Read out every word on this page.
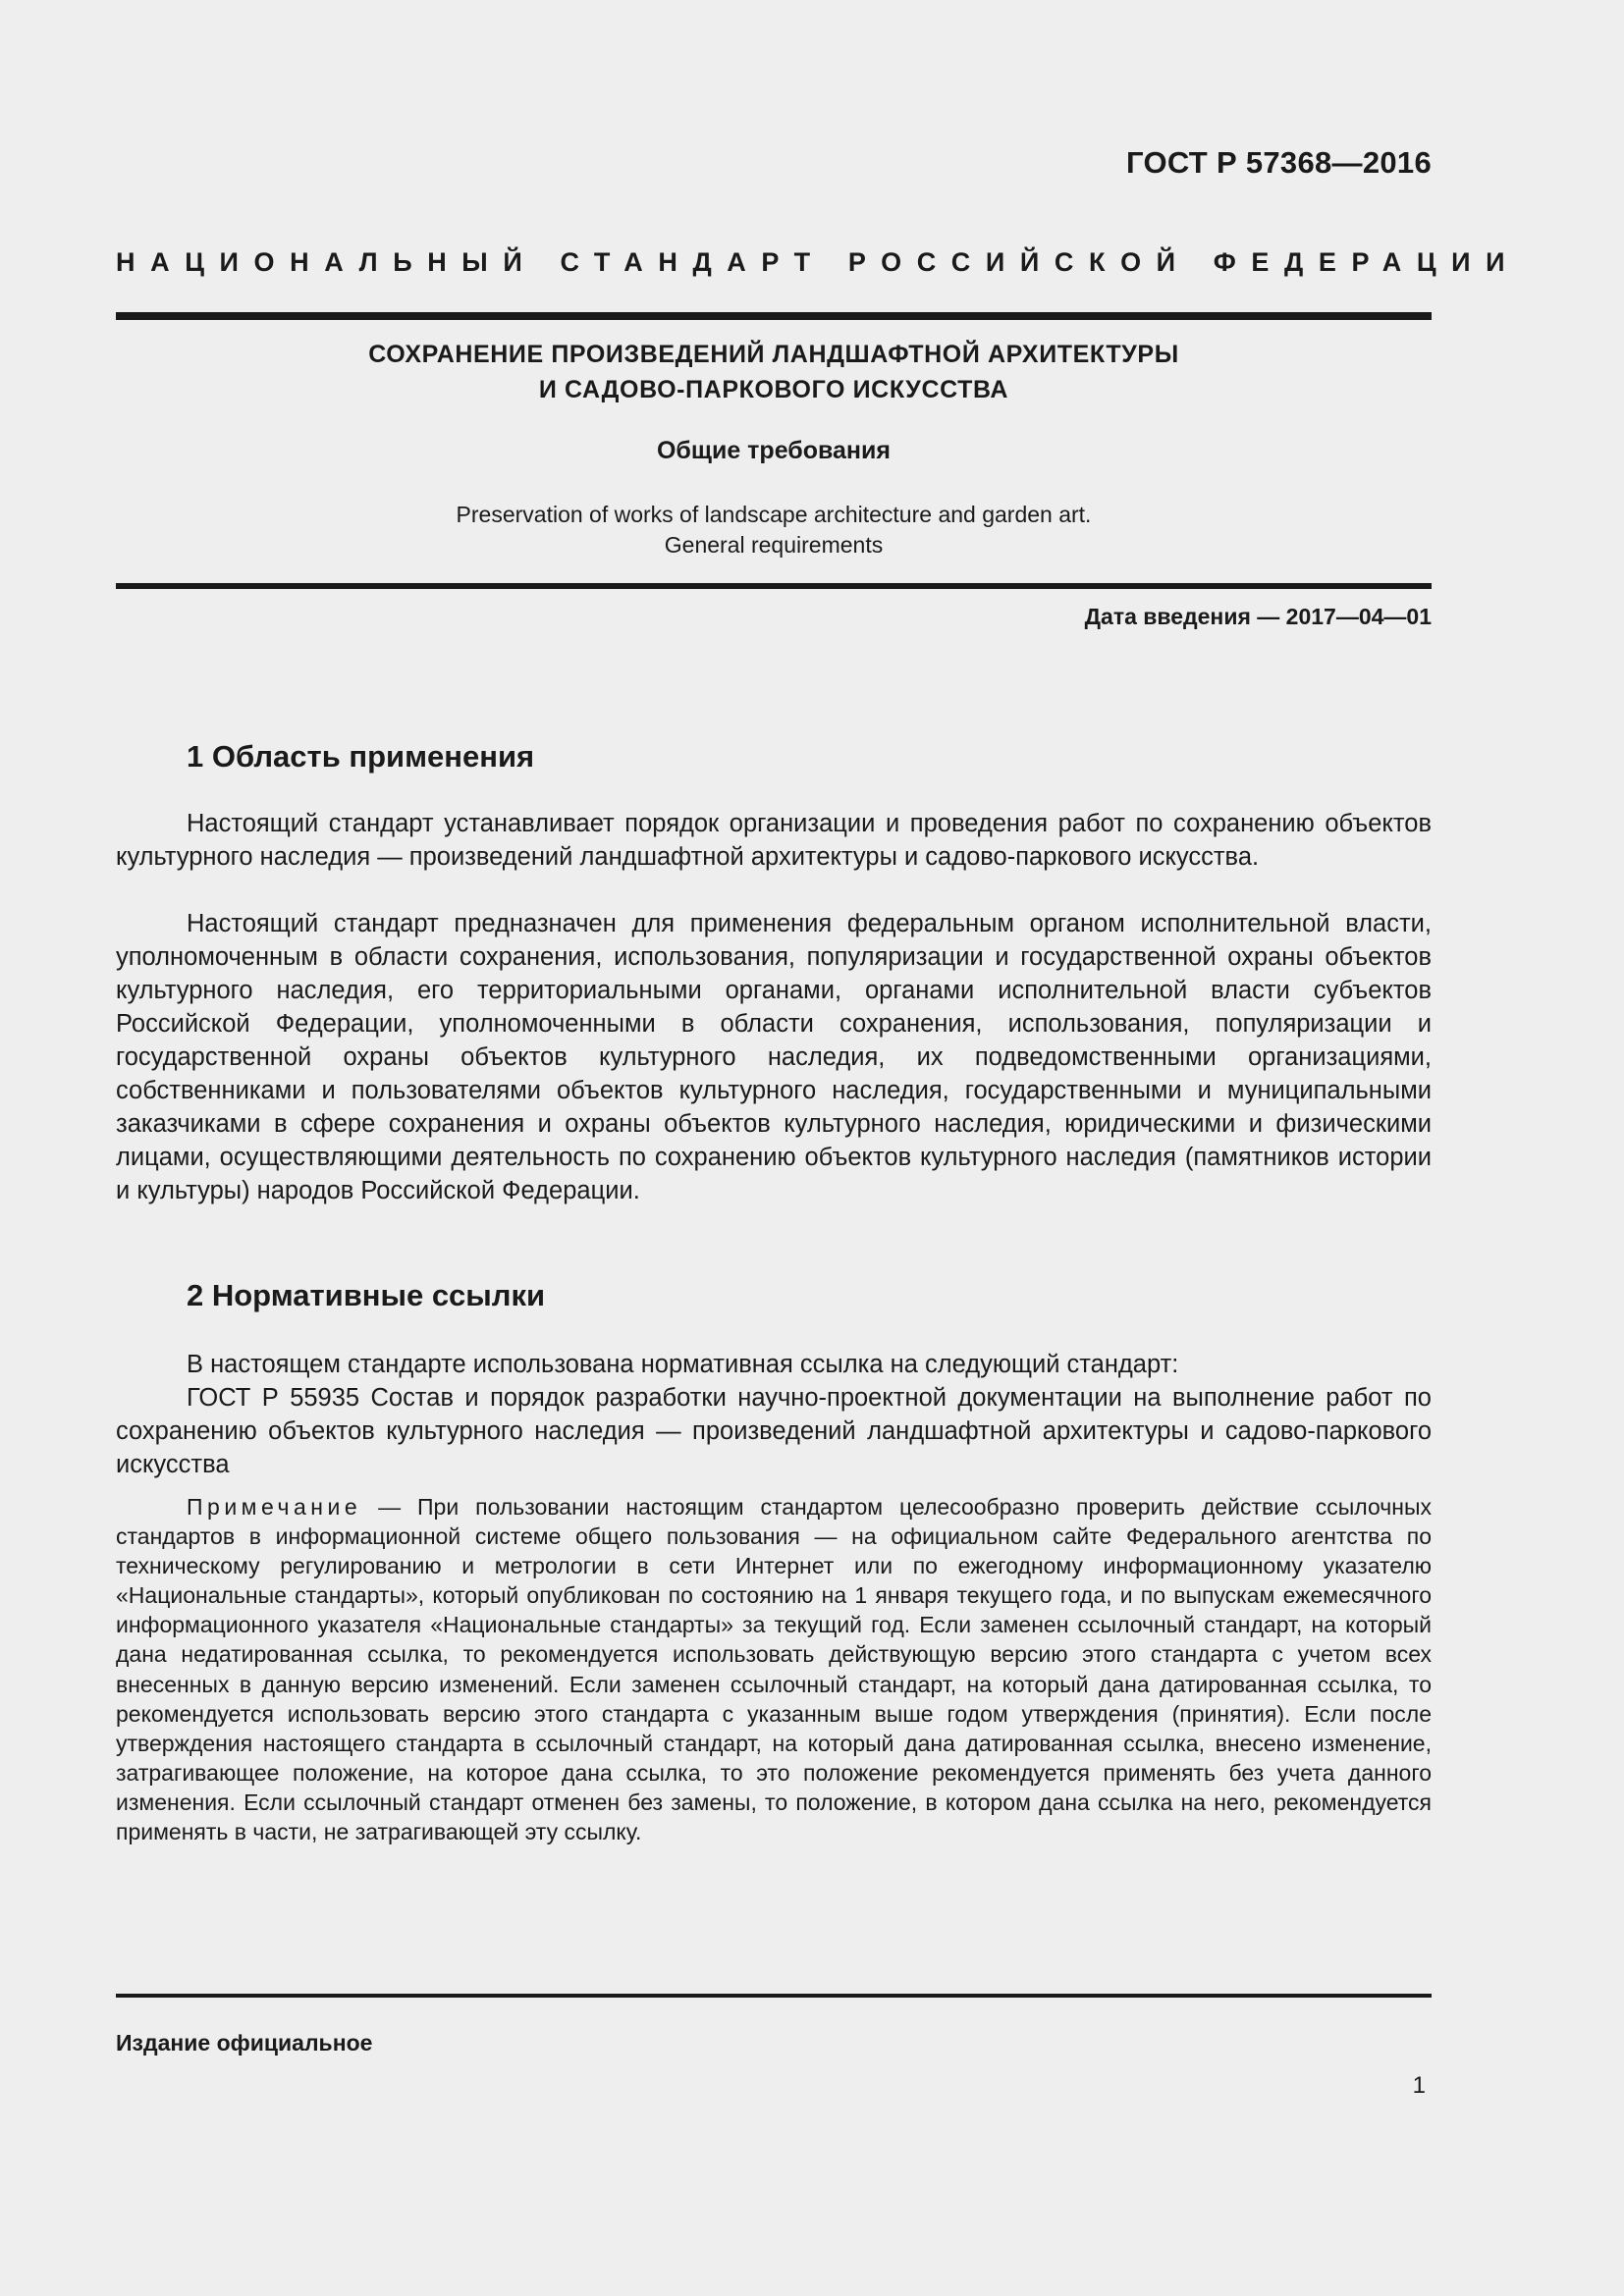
ГОСТ Р 57368—2016
НАЦИОНАЛЬНЫЙ СТАНДАРТ РОССИЙСКОЙ ФЕДЕРАЦИИ

СОХРАНЕНИЕ ПРОИЗВЕДЕНИЙ ЛАНДШАФТНОЙ АРХИТЕКТУРЫ
И САДОВО-ПАРКОВОГО ИСКУССТВА

Общие требования

Preservation of works of landscape architecture and garden art.
General requirements

Дата введения — 2017—04—01
1 Область применения

Настоящий стандарт устанавливает порядок организации и проведения работ по сохранению объектов культурного наследия — произведений ландшафтной архитектуры и садово-паркового искусства.

Настоящий стандарт предназначен для применения федеральным органом исполнительной власти, уполномоченным в области сохранения, использования, популяризации и государственной охраны объектов культурного наследия, его территориальными органами, органами исполнительной власти субъектов Российской Федерации, уполномоченными в области сохранения, использования, популяризации и государственной охраны объектов культурного наследия, их подведомственными организациями, собственниками и пользователями объектов культурного наследия, государственными и муниципальными заказчиками в сфере сохранения и охраны объектов культурного наследия, юридическими и физическими лицами, осуществляющими деятельность по сохранению объектов культурного наследия (памятников истории и культуры) народов Российской Федерации.

2 Нормативные ссылки

В настоящем стандарте использована нормативная ссылка на следующий стандарт:

ГОСТ Р 55935 Состав и порядок разработки научно-проектной документации на выполнение работ по сохранению объектов культурного наследия — произведений ландшафтной архитектуры и садово-паркового искусства

Примечание — При пользовании настоящим стандартом целесообразно проверить действие ссылочных стандартов в информационной системе общего пользования — на официальном сайте Федерального агентства по техническому регулированию и метрологии в сети Интернет или по ежегодному информационному указателю «Национальные стандарты», который опубликован по состоянию на 1 января текущего года, и по выпускам ежемесячного информационного указателя «Национальные стандарты» за текущий год. Если заменен ссылочный стандарт, на который дана недатированная ссылка, то рекомендуется использовать действующую версию этого стандарта с учетом всех внесенных в данную версию изменений. Если заменен ссылочный стандарт, на который дана датированная ссылка, то рекомендуется использовать версию этого стандарта с указанным выше годом утверждения (принятия). Если после утверждения настоящего стандарта в ссылочный стандарт, на который дана датированная ссылка, внесено изменение, затрагивающее положение, на которое дана ссылка, то это положение рекомендуется применять без учета данного изменения. Если ссылочный стандарт отменен без замены, то положение, в котором дана ссылка на него, рекомендуется применять в части, не затрагивающей эту ссылку.

Издание официальное
1
